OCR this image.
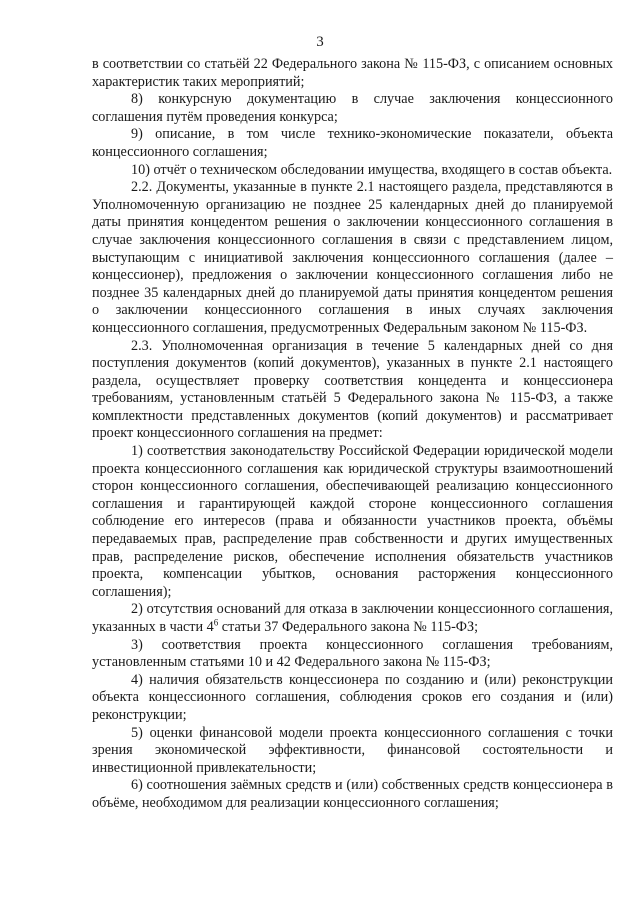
3

в соответствии со статьёй 22 Федерального закона № 115-ФЗ, с описанием основных характеристик таких мероприятий;

8) конкурсную документацию в случае заключения концессионного соглашения путём проведения конкурса;

9) описание, в том числе технико-экономические показатели, объекта концессионного соглашения;

10) отчёт о техническом обследовании имущества, входящего в состав объекта.

2.2. Документы, указанные в пункте 2.1 настоящего раздела, представляются в Уполномоченную организацию не позднее 25 календарных дней до планируемой даты принятия концедентом решения о заключении концессионного соглашения в случае заключения концессионного соглашения в связи с представлением лицом, выступающим с инициативой заключения концессионного соглашения (далее – концессионер), предложения о заключении концессионного соглашения либо не позднее 35 календарных дней до планируемой даты принятия концедентом решения о заключении концессионного соглашения в иных случаях заключения концессионного соглашения, предусмотренных Федеральным законом № 115-ФЗ.

2.3. Уполномоченная организация в течение 5 календарных дней со дня поступления документов (копий документов), указанных в пункте 2.1 настоящего раздела, осуществляет проверку соответствия концедента и концессионера требованиям, установленным статьёй 5 Федерального закона № 115-ФЗ, а также комплектности представленных документов (копий документов) и рассматривает проект концессионного соглашения на предмет:

1) соответствия законодательству Российской Федерации юридической модели проекта концессионного соглашения как юридической структуры взаимоотношений сторон концессионного соглашения, обеспечивающей реализацию концессионного соглашения и гарантирующей каждой стороне концессионного соглашения соблюдение его интересов (права и обязанности участников проекта, объёмы передаваемых прав, распределение прав собственности и других имущественных прав, распределение рисков, обеспечение исполнения обязательств участников проекта, компенсации убытков, основания расторжения концессионного соглашения);

2) отсутствия оснований для отказа в заключении концессионного соглашения, указанных в части $4^6$ статьи 37 Федерального закона № 115-ФЗ;

3) соответствия проекта концессионного соглашения требованиям, установленным статьями 10 и 42 Федерального закона № 115-ФЗ;

4) наличия обязательств концессионера по созданию и (или) реконструкции объекта концессионного соглашения, соблюдения сроков его создания и (или) реконструкции;

5) оценки финансовой модели проекта концессионного соглашения с точки зрения экономической эффективности, финансовой состоятельности и инвестиционной привлекательности;

6) соотношения заёмных средств и (или) собственных средств концессионера в объёме, необходимом для реализации концессионного соглашения;
